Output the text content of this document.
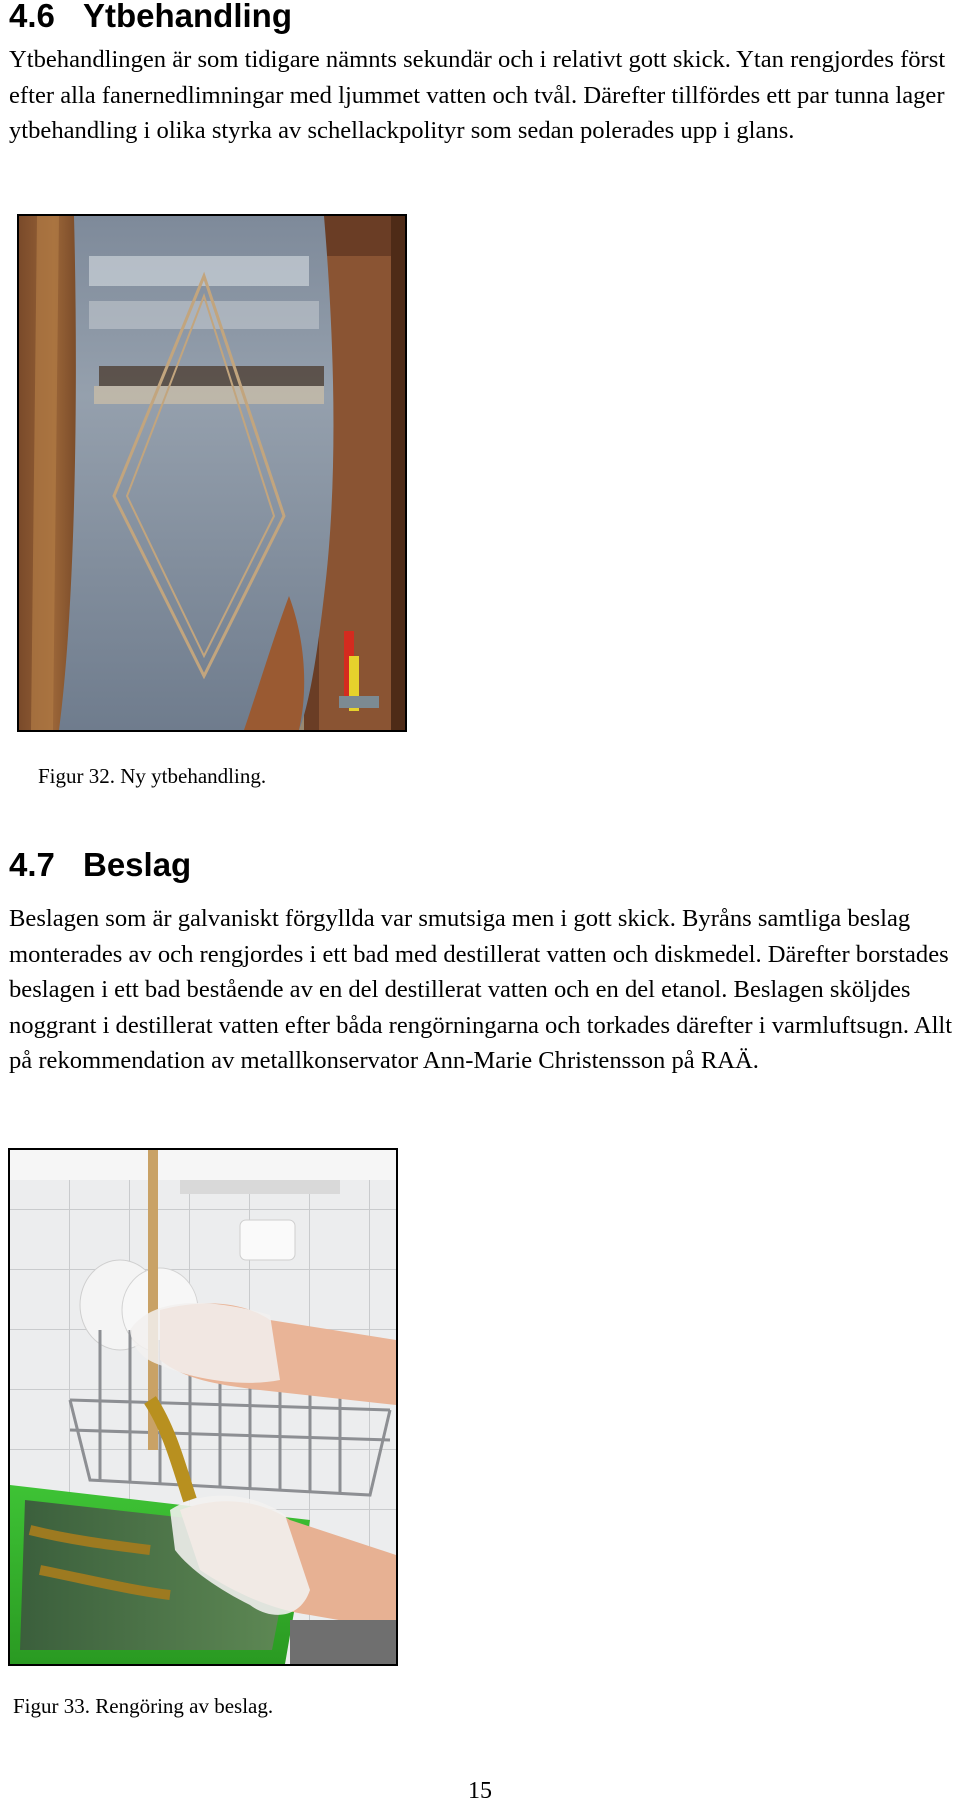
4.6 Ytbehandling

Ytbehandlingen är som tidigare nämnts sekundär och i relativt gott skick. Ytan rengjordes först efter alla fanernedlimningar med ljummet vatten och tvål. Därefter tillfördes ett par tunna lager ytbehandling i olika styrka av schellackpolityr som sedan polerades upp i glans.

Figur 32. Ny ytbehandling.

4.7 Beslag

Beslagen som är galvaniskt förgyllda var smutsiga men i gott skick. Byråns samtliga beslag monterades av och rengjordes i ett bad med destillerat vatten och diskmedel. Därefter borstades beslagen i ett bad bestående av en del destillerat vatten och en del etanol. Beslagen sköljdes noggrant i destillerat vatten efter båda rengörningarna och torkades därefter i varmluftsugn. Allt på rekommendation av metallkonservator Ann-Marie Christensson på RAÄ.

Figur 33. Rengöring av beslag.

15
